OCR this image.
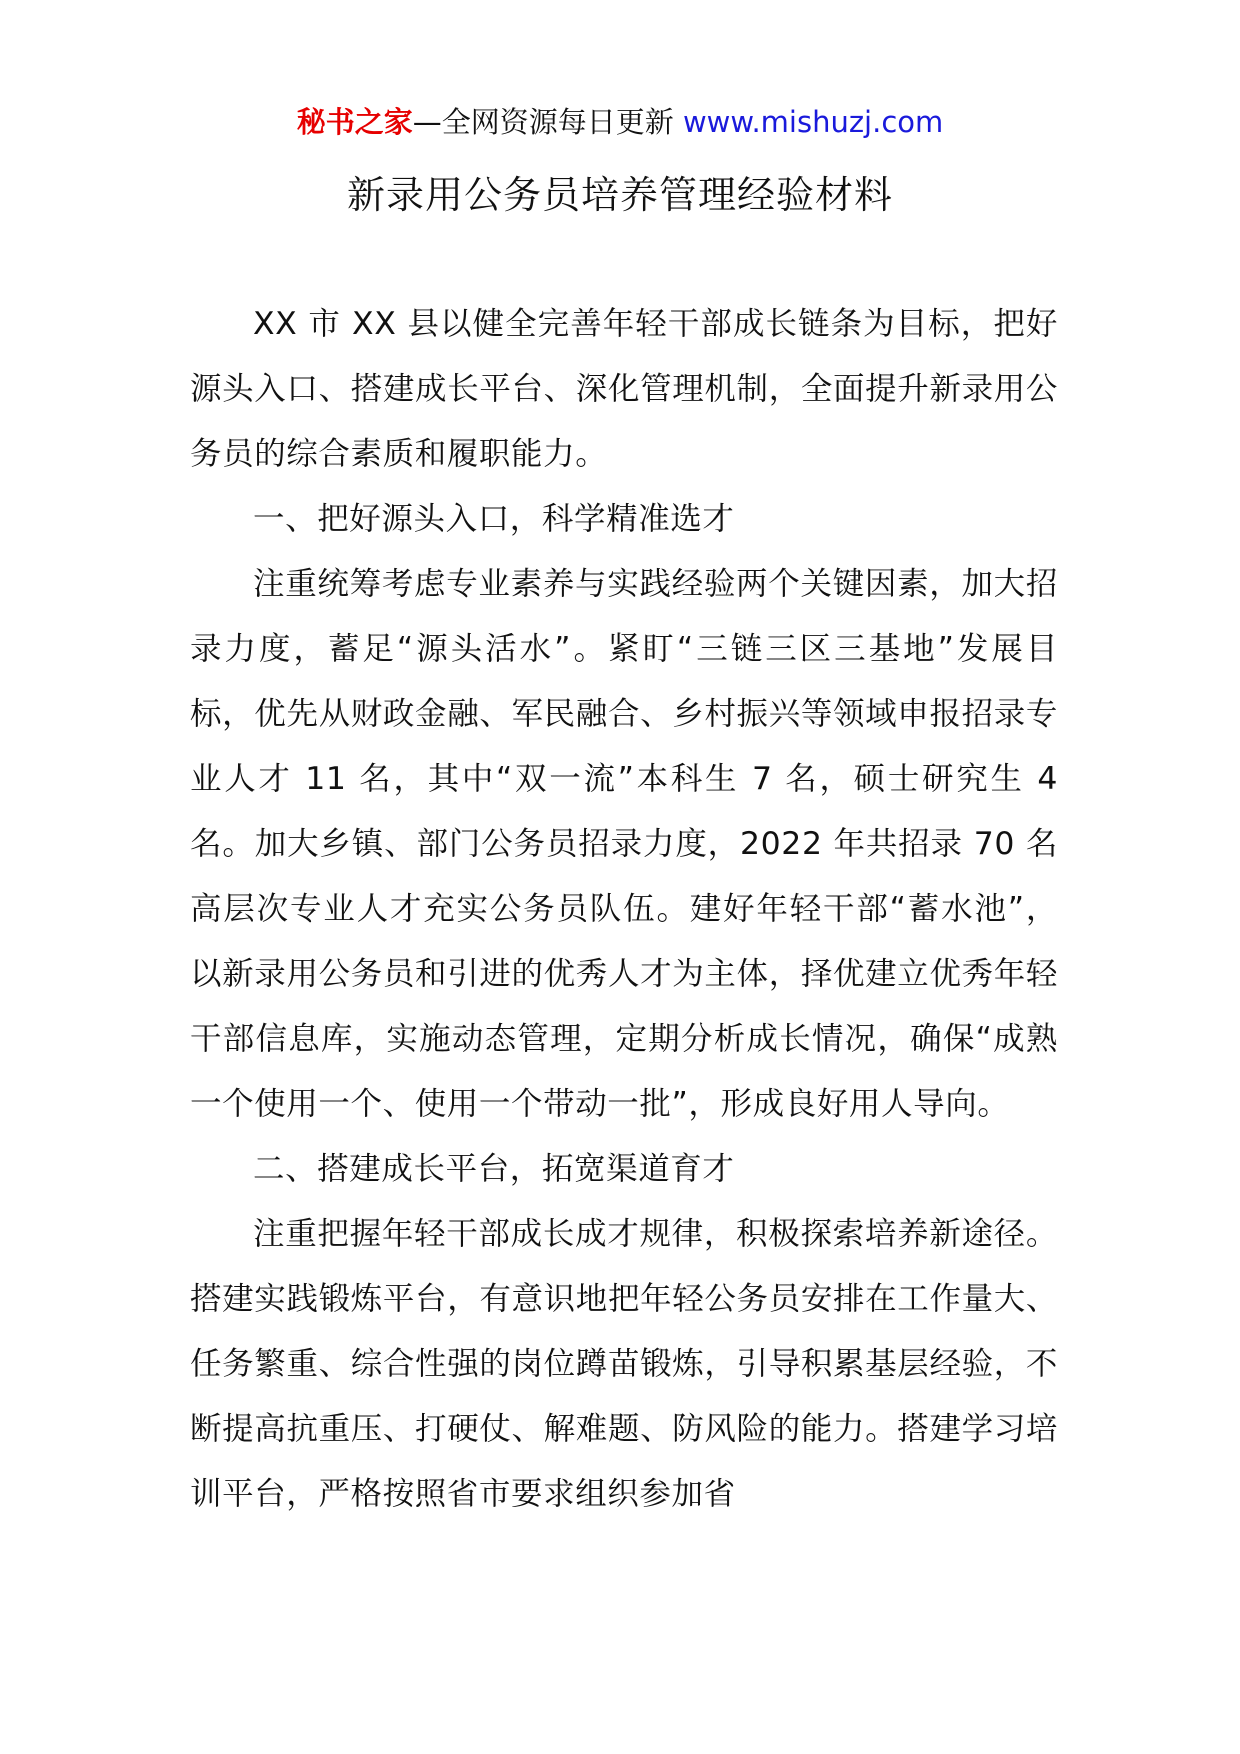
秘书之家—全网资源每日更新 www.mishuzj.com
新录用公务员培养管理经验材料

XX 市 XX 县以健全完善年轻干部成长链条为目标，把好源头入口、搭建成长平台、深化管理机制，全面提升新录用公务员的综合素质和履职能力。

一、把好源头入口，科学精准选才

注重统筹考虑专业素养与实践经验两个关键因素，加大招录力度，蓄足“源头活水”。紧盯“三链三区三基地”发展目标，优先从财政金融、军民融合、乡村振兴等领域申报招录专业人才 11 名，其中“双一流”本科生 7 名，硕士研究生 4 名。加大乡镇、部门公务员招录力度，2022 年共招录 70 名高层次专业人才充实公务员队伍。建好年轻干部“蓄水池”，以新录用公务员和引进的优秀人才为主体，择优建立优秀年轻干部信息库，实施动态管理，定期分析成长情况，确保“成熟一个使用一个、使用一个带动一批”，形成良好用人导向。

二、搭建成长平台，拓宽渠道育才

注重把握年轻干部成长成才规律，积极探索培养新途径。搭建实践锻炼平台，有意识地把年轻公务员安排在工作量大、任务繁重、综合性强的岗位蹲苗锻炼，引导积累基层经验，不断提高抗重压、打硬仗、解难题、防风险的能力。搭建学习培训平台，严格按照省市要求组织参加省
